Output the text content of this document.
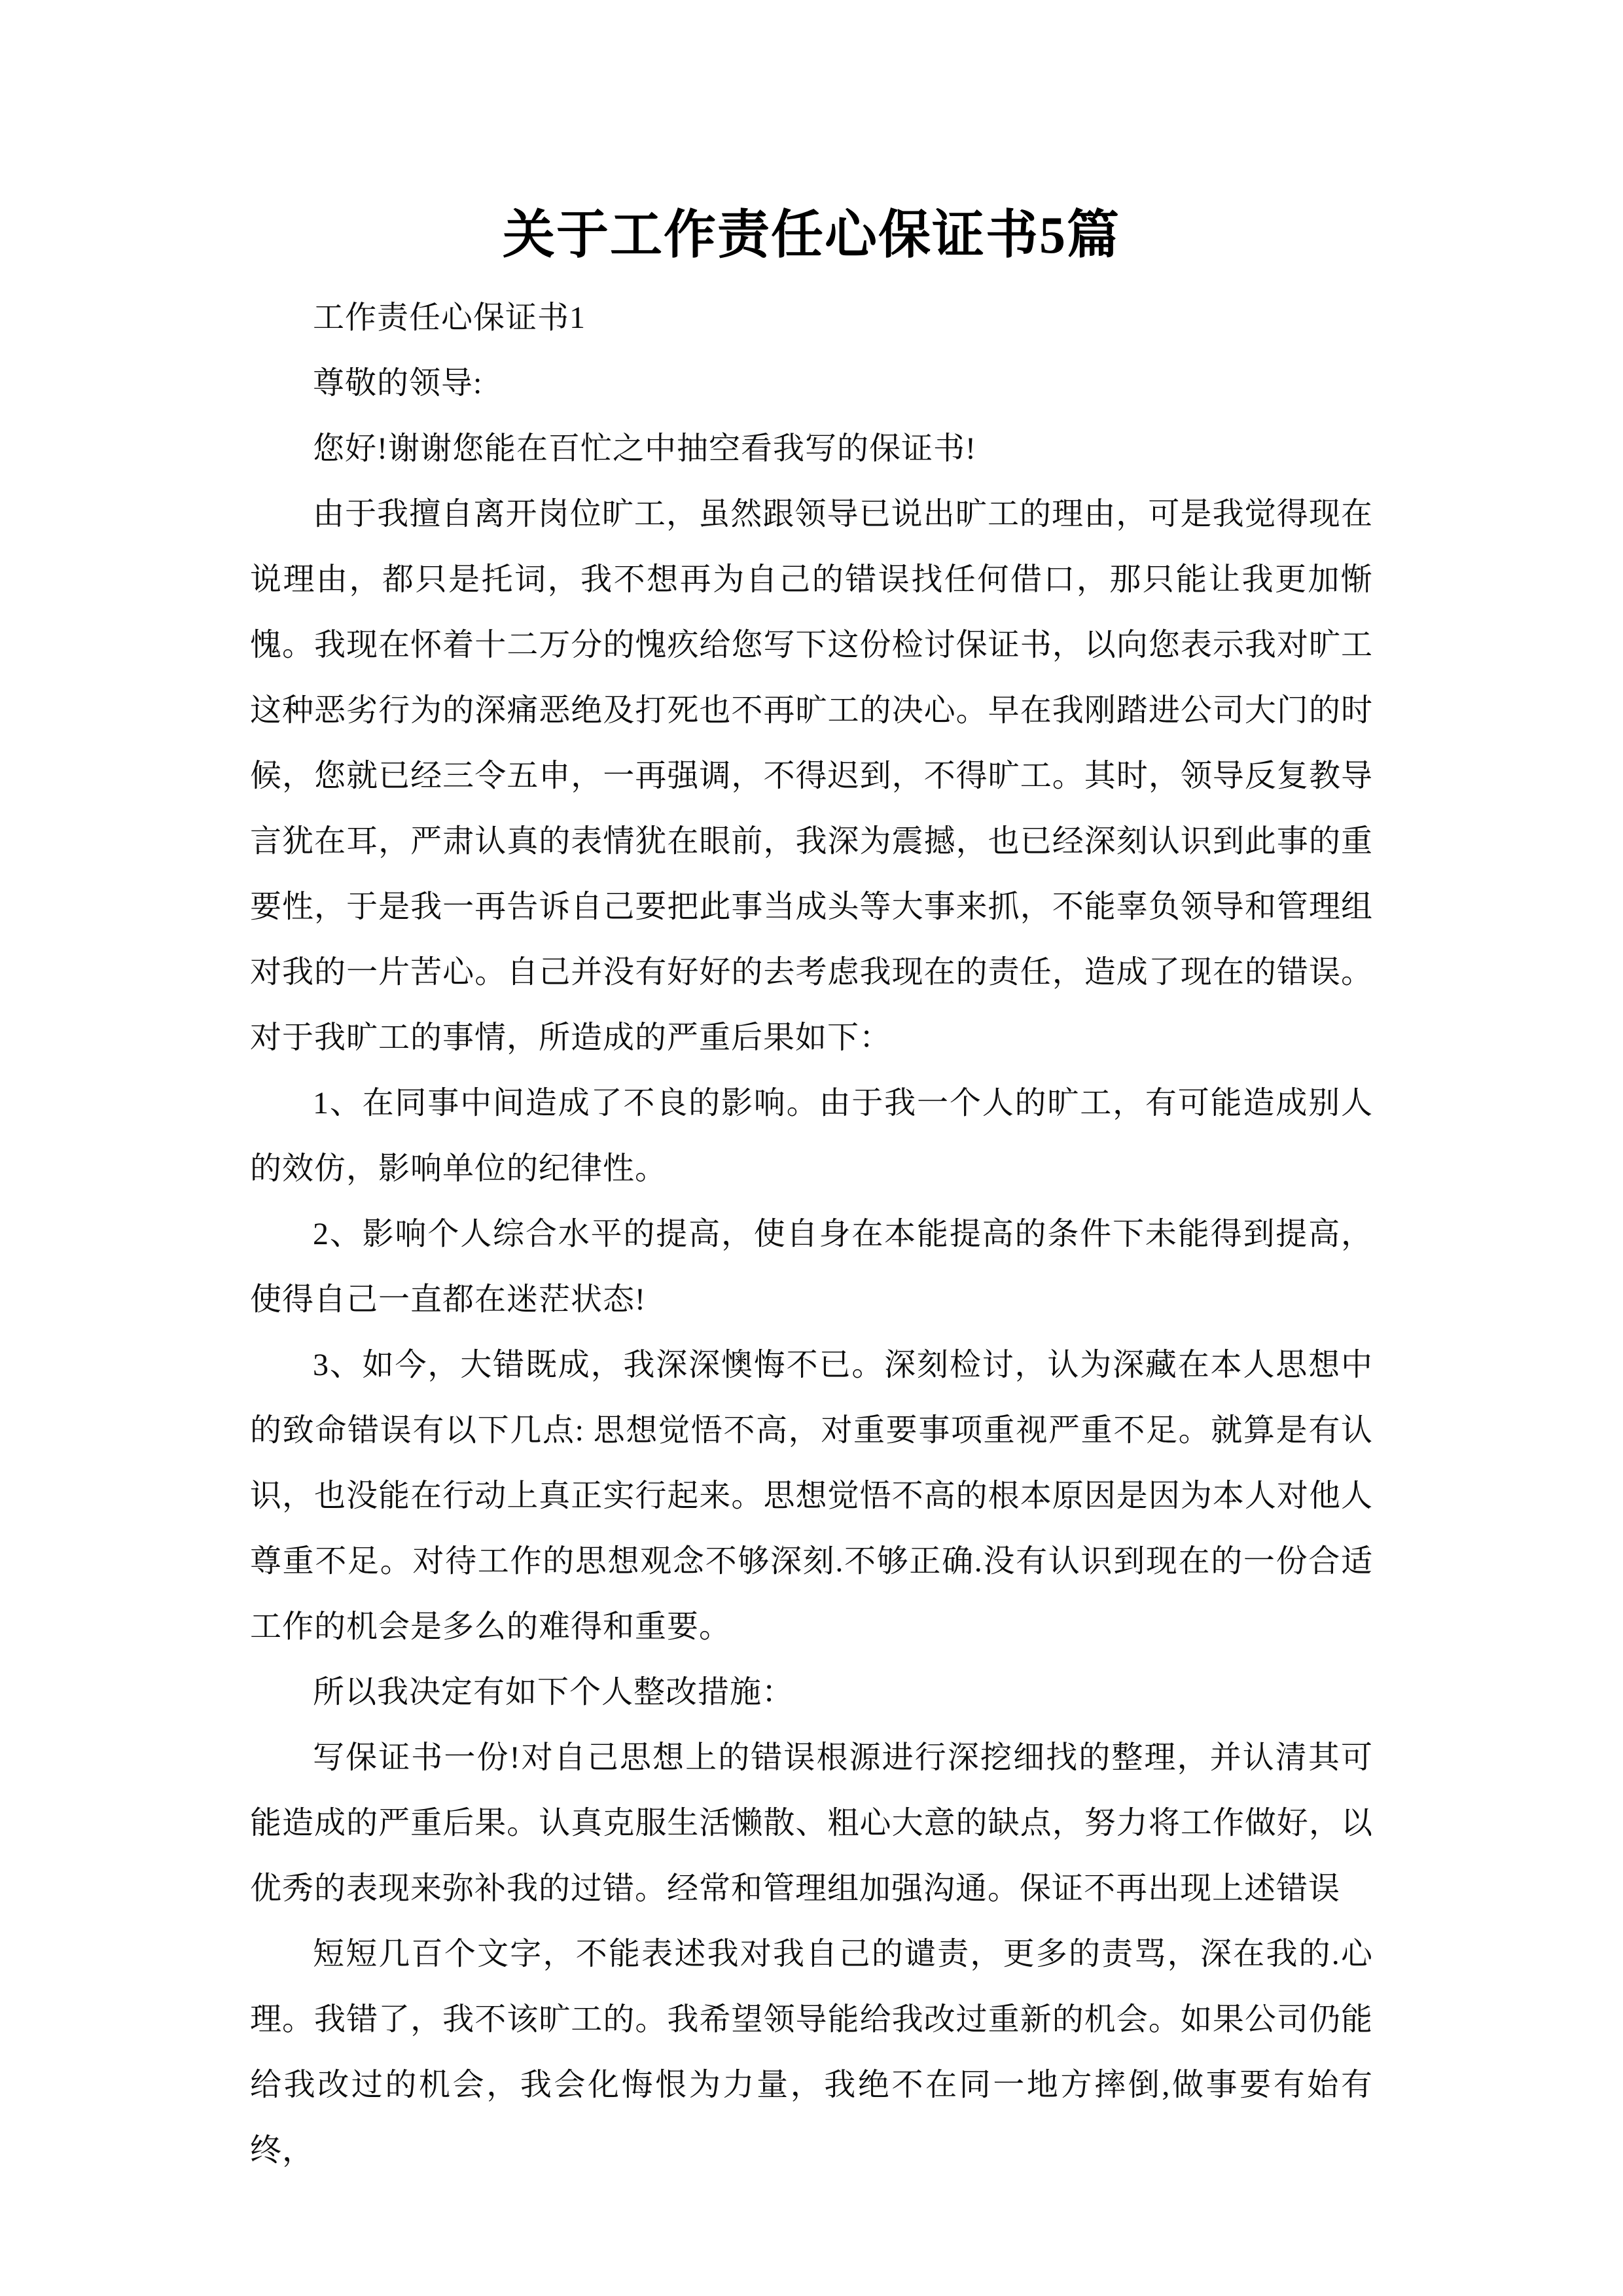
关于工作责任心保证书5篇

工作责任心保证书1

尊敬的领导:

您好!谢谢您能在百忙之中抽空看我写的保证书!

由于我擅自离开岗位旷工，虽然跟领导已说出旷工的理由，可是我觉得现在说理由，都只是托词，我不想再为自己的错误找任何借口，那只能让我更加惭愧。我现在怀着十二万分的愧疚给您写下这份检讨保证书，以向您表示我对旷工这种恶劣行为的深痛恶绝及打死也不再旷工的决心。早在我刚踏进公司大门的时候，您就已经三令五申，一再强调，不得迟到，不得旷工。其时，领导反复教导言犹在耳，严肃认真的表情犹在眼前，我深为震撼，也已经深刻认识到此事的重要性，于是我一再告诉自己要把此事当成头等大事来抓，不能辜负领导和管理组对我的一片苦心。自己并没有好好的去考虑我现在的责任，造成了现在的错误。对于我旷工的事情，所造成的严重后果如下：

1、在同事中间造成了不良的影响。由于我一个人的旷工，有可能造成别人的效仿，影响单位的纪律性。

2、影响个人综合水平的提高，使自身在本能提高的条件下未能得到提高，使得自己一直都在迷茫状态!

3、如今，大错既成，我深深懊悔不已。深刻检讨，认为深藏在本人思想中的致命错误有以下几点: 思想觉悟不高，对重要事项重视严重不足。就算是有认识，也没能在行动上真正实行起来。思想觉悟不高的根本原因是因为本人对他人尊重不足。对待工作的思想观念不够深刻.不够正确.没有认识到现在的一份合适工作的机会是多么的难得和重要。

所以我决定有如下个人整改措施：

写保证书一份!对自己思想上的错误根源进行深挖细找的整理，并认清其可能造成的严重后果。认真克服生活懒散、粗心大意的缺点，努力将工作做好，以优秀的表现来弥补我的过错。经常和管理组加强沟通。保证不再出现上述错误

短短几百个文字，不能表述我对我自己的谴责，更多的责骂，深在我的.心理。我错了，我不该旷工的。我希望领导能给我改过重新的机会。如果公司仍能给我改过的机会，我会化悔恨为力量，我绝不在同一地方摔倒,做事要有始有终，
